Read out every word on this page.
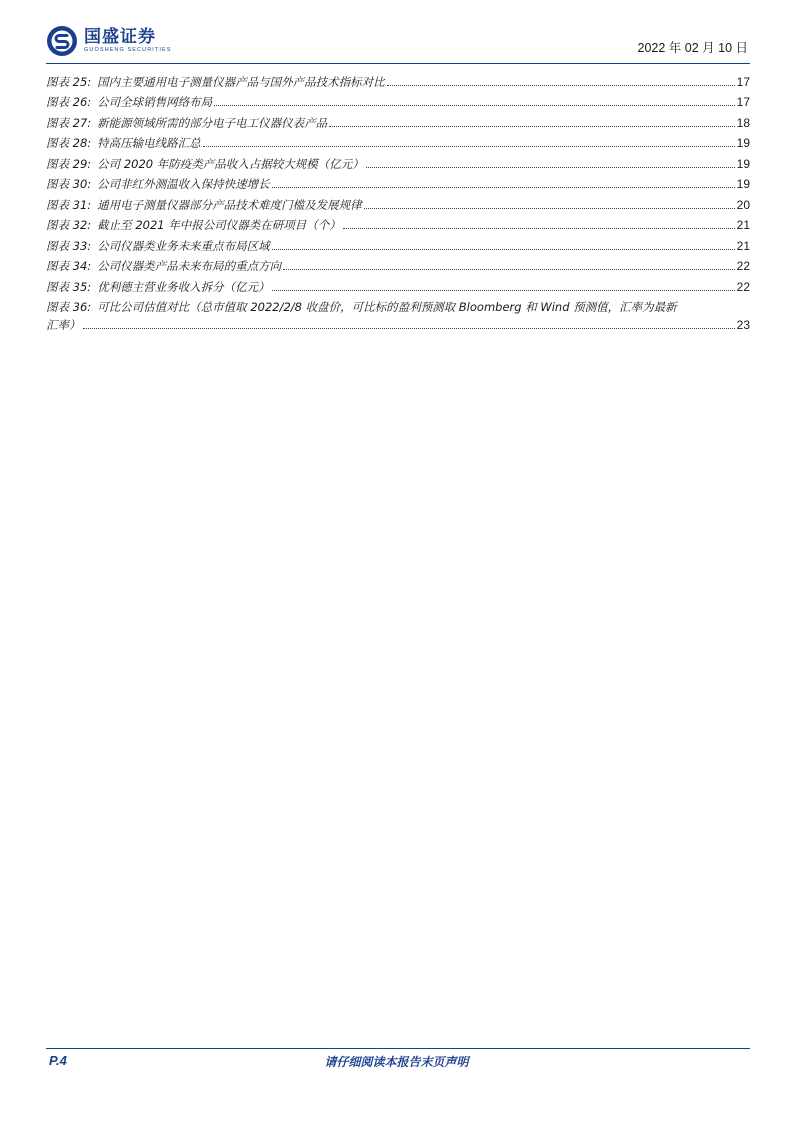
国盛证券
GUOSHENG SECURITIES	2022 年 02 月 10 日
图表 25: 国内主要通用电子测量仪器产品与国外产品技术指标对比	17
图表 26: 公司全球销售网络布局	17
图表 27: 新能源领域所需的部分电子电工仪器仪表产品	18
图表 28: 特高压输电线路汇总	19
图表 29: 公司 2020 年防疫类产品收入占据较大规模（亿元）	19
图表 30: 公司非红外测温收入保持快速增长	19
图表 31: 通用电子测量仪器部分产品技术难度门槛及发展规律	20
图表 32: 截止至 2021 年中报公司仪器类在研项目（个）	21
图表 33: 公司仪器类业务未来重点布局区域	21
图表 34: 公司仪器类产品未来布局的重点方向	22
图表 35: 优利德主营业务收入拆分（亿元）	22
图表 36: 可比公司估值对比（总市值取 2022/2/8 收盘价，可比标的盈利预测取 Bloomberg 和 Wind 预测值，汇率为最新
汇率）	23
P.4	请仔细阅读本报告末页声明
